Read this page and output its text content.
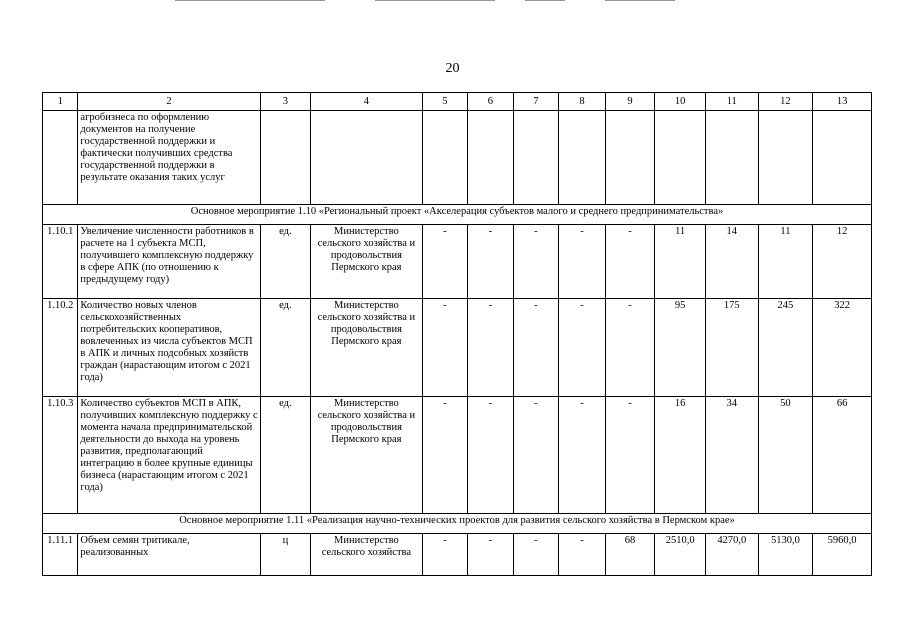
20
1	2	3	4	5	6	7	8	9	10	11	12	13
	агробизнеса по оформлению документов на получение государственной поддержки и фактически получивших средства государственной поддержки в результате оказания таких услуг											
Основное мероприятие 1.10 «Региональный проект «Акселерация субъектов малого и среднего предпринимательства»												
1.10.1	Увеличение численности работников в расчете на 1 субъекта МСП, получившего комплексную поддержку в сфере АПК (по отношению к предыдущему году)	ед.	Министерство сельского хозяйства и продовольствия Пермского края	-	-	-	-	-	11	14	11	12
1.10.2	Количество новых членов сельскохозяйственных потребительских кооперативов, вовлеченных из числа субъектов МСП в АПК и личных подсобных хозяйств граждан (нарастающим итогом с 2021 года)	ед.	Министерство сельского хозяйства и продовольствия Пермского края	-	-	-	-	-	95	175	245	322
1.10.3	Количество субъектов МСП в АПК, получивших комплексную поддержку с момента начала предпринимательской деятельности до выхода на уровень развития, предполагающий интеграцию в более крупные единицы бизнеса (нарастающим итогом с 2021 года)	ед.	Министерство сельского хозяйства и продовольствия Пермского края	-	-	-	-	-	16	34	50	66
Основное мероприятие 1.11 «Реализация научно-технических проектов для развития сельского хозяйства в Пермском крае»												
1.11.1	Объем семян тритикале, реализованных	ц	Министерство сельского хозяйства	-	-	-	-	68	2510,0	4270,0	5130,0	5960,0
